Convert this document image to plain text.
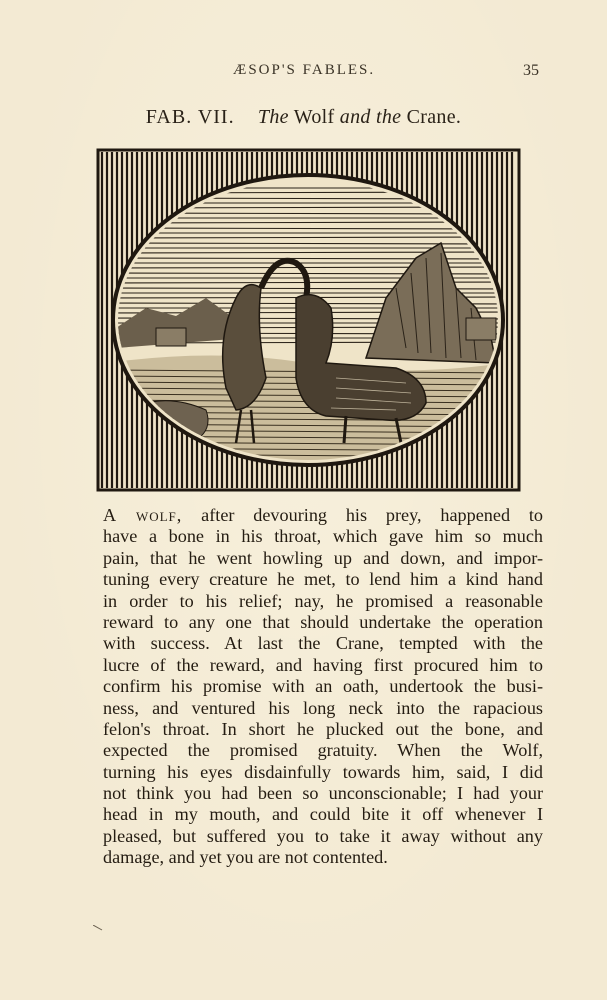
ÆSOP'S FABLES.	35
FAB. VII. The Wolf and the Crane.
A wolf, after devouring his prey, happened to
have a bone in his throat, which gave him so much
pain, that he went howling up and down, and impor-
tuning every creature he met, to lend him a kind hand
in order to his relief; nay, he promised a reasonable
reward to any one that should undertake the operation
with success. At last the Crane, tempted with the
lucre of the reward, and having first procured him to
confirm his promise with an oath, undertook the busi-
ness, and ventured his long neck into the rapacious
felon's throat. In short he plucked out the bone, and
expected the promised gratuity. When the Wolf,
turning his eyes disdainfully towards him, said, I did
not think you had been so unconscionable; I had your
head in my mouth, and could bite it off whenever I
pleased, but suffered you to take it away without any
damage, and yet you are not contented.
